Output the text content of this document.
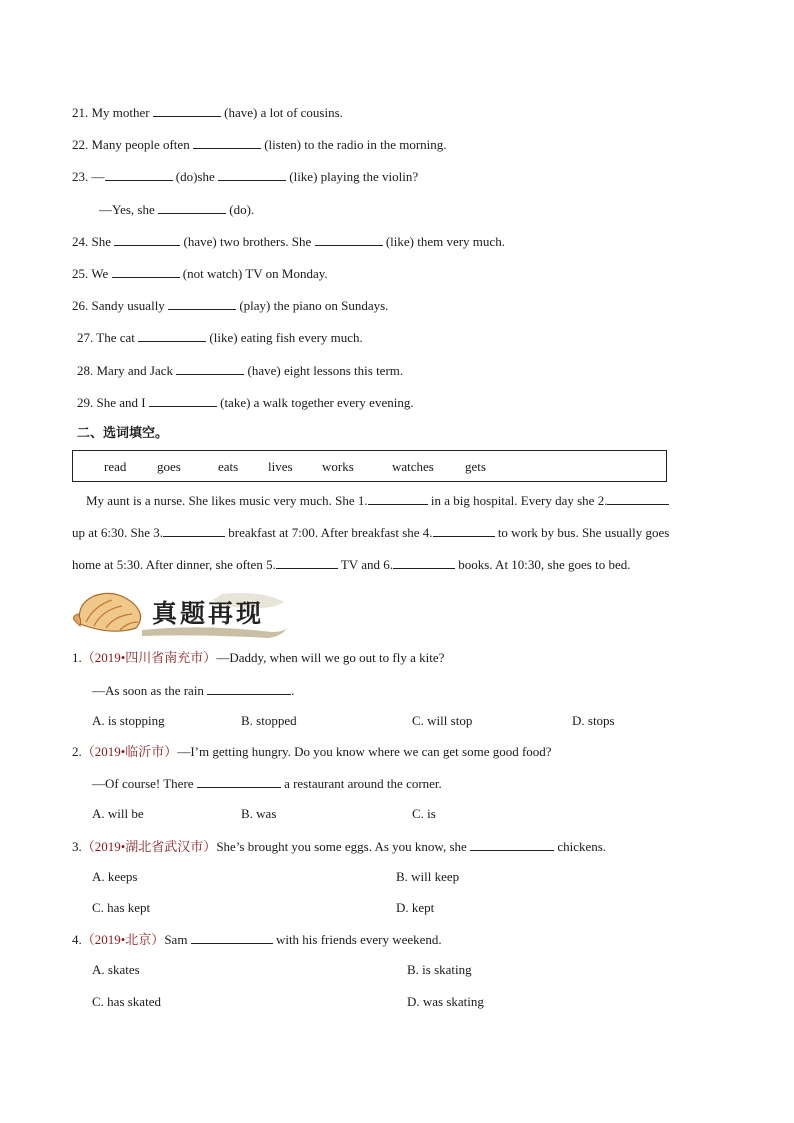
21. My mother	(have) a lot of cousins.
22. Many people often	(listen) to the radio in the morning.
23. —	(do)she	(like) playing the violin?
—Yes, she	(do).
24. She	(have) two brothers. She	(like) them very much.
25. We	(not watch) TV on Monday.
26. Sandy usually	(play) the piano on Sundays.
27. The cat	(like) eating fish every much.
28. Mary and Jack	(have) eight lessons this term.
29. She and I	(take) a walk together every evening.
二、选词填空。
read goes	eats lives works	watches gets
My aunt is a nurse. She likes music very much. She 1.	in a big hospital. Every day she 2.
up at 6:30. She 3.	breakfast at 7:00. After breakfast she 4.	to work by bus. She usually goes
home at 5:30. After dinner, she often 5.	TV and 6.	books. At 10:30, she goes to bed.
真题再现
1.（2019•四川省南充市）—Daddy, when will we go out to fly a kite?
—As soon as the rain	.
A. is stopping	B. stopped	C. will stop	D. stops
2.（2019•临沂市）—I’m getting hungry. Do you know where we can get some good food?
—Of course! There	a restaurant around the corner.
A. will be	B. was	C. is
3.（2019•湖北省武汉市）She’s brought you some eggs. As you know, she	chickens.
A. keeps	B. will keep
C. has kept	D. kept
4.（2019•北京）Sam	with his friends every weekend.
A. skates	B. is skating
C. has skated	D. was skating
